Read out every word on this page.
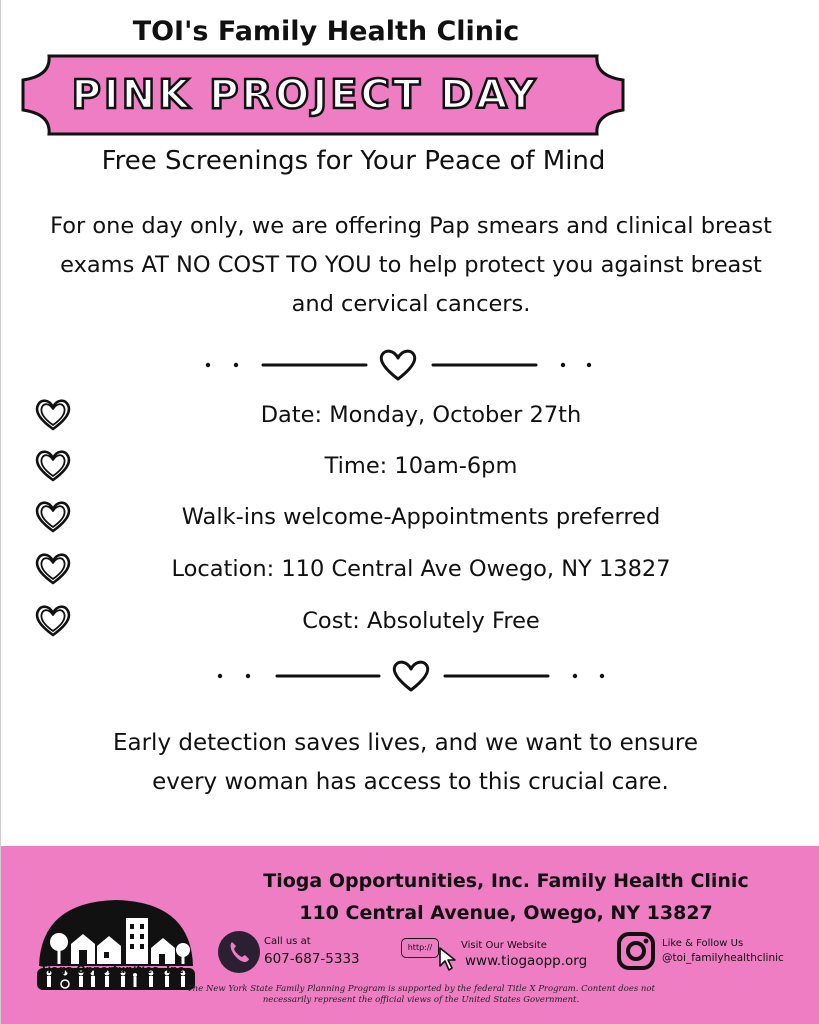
TOI's Family Health Clinic
PINK PROJECT DAY
Free Screenings for Your Peace of Mind
For one day only, we are offering Pap smears and clinical breast
exams AT NO COST TO YOU to help protect you against breast
and cervical cancers.
Date: Monday, October 27th
Time: 10am-6pm
Walk-ins welcome-Appointments preferred
Location: 110 Central Ave Owego, NY 13827
Cost: Absolutely Free
Early detection saves lives, and we want to ensure
every woman has access to this crucial care.
Tioga Opportunities, Inc.
Tioga Opportunities, Inc. Family Health Clinic
110 Central Avenue, Owego, NY 13827
Call us at
607-687-5333
http://	Visit Our Website
www.tiogaopp.org
Like & Follow Us
@toi_familyhealthclinic
The New York State Family Planning Program is supported by the federal Title X Program. Content does not
necessarily represent the official views of the United States Government.
